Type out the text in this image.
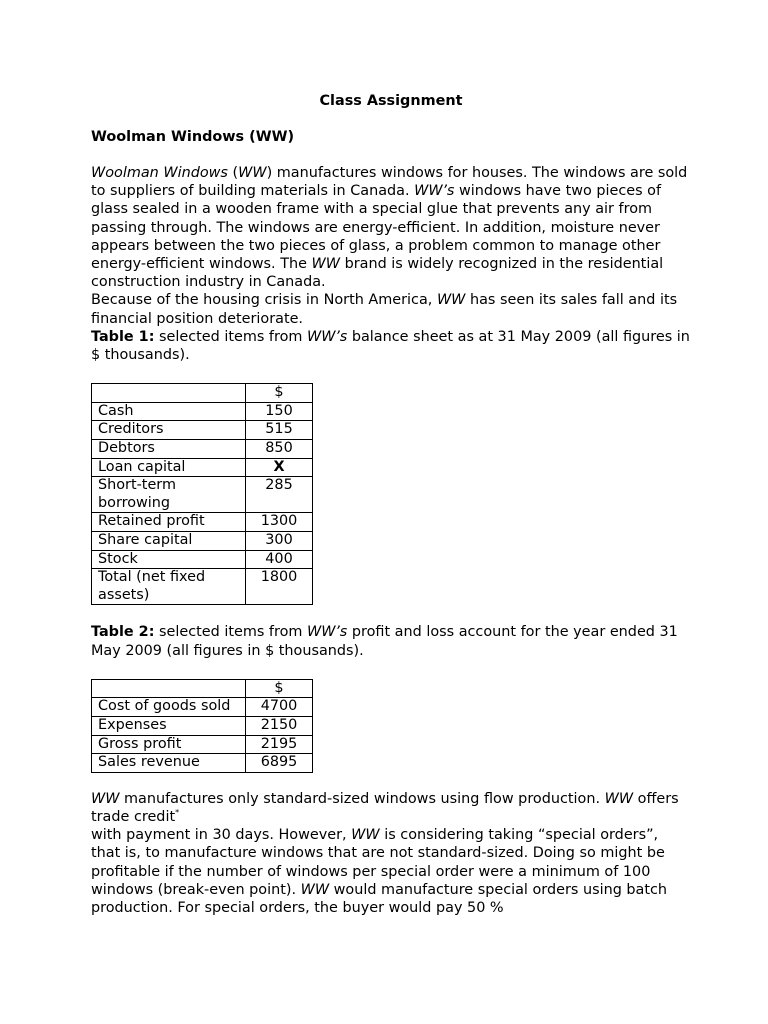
Class Assignment

Woolman Windows (WW)

Woolman Windows (WW) manufactures windows for houses. The windows are sold to suppliers of building materials in Canada. WW’s windows have two pieces of glass sealed in a wooden frame with a special glue that prevents any air from passing through. The windows are energy-efficient. In addition, moisture never appears between the two pieces of glass, a problem common to manage other energy-efficient windows. The WW brand is widely recognized in the residential construction industry in Canada.

Because of the housing crisis in North America, WW has seen its sales fall and its financial position deteriorate.

Table 1: selected items from WW’s balance sheet as at 31 May 2009 (all figures in $ thousands).

	$
Cash	150
Creditors	515
Debtors	850
Loan capital	X
Short-term borrowing	285
Retained profit	1300
Share capital	300
Stock	400
Total (net fixed assets)	1800

Table 2: selected items from WW’s profit and loss account for the year ended 31 May 2009 (all figures in $ thousands).

	$
Cost of goods sold	4700
Expenses	2150
Gross profit	2195
Sales revenue	6895

WW manufactures only standard-sized windows using flow production. WW offers trade credit*

with payment in 30 days. However, WW is considering taking “special orders”, that is, to manufacture windows that are not standard-sized. Doing so might be profitable if the number of windows per special order were a minimum of 100 windows (break-even point). WW would manufacture special orders using batch production. For special orders, the buyer would pay 50 %
